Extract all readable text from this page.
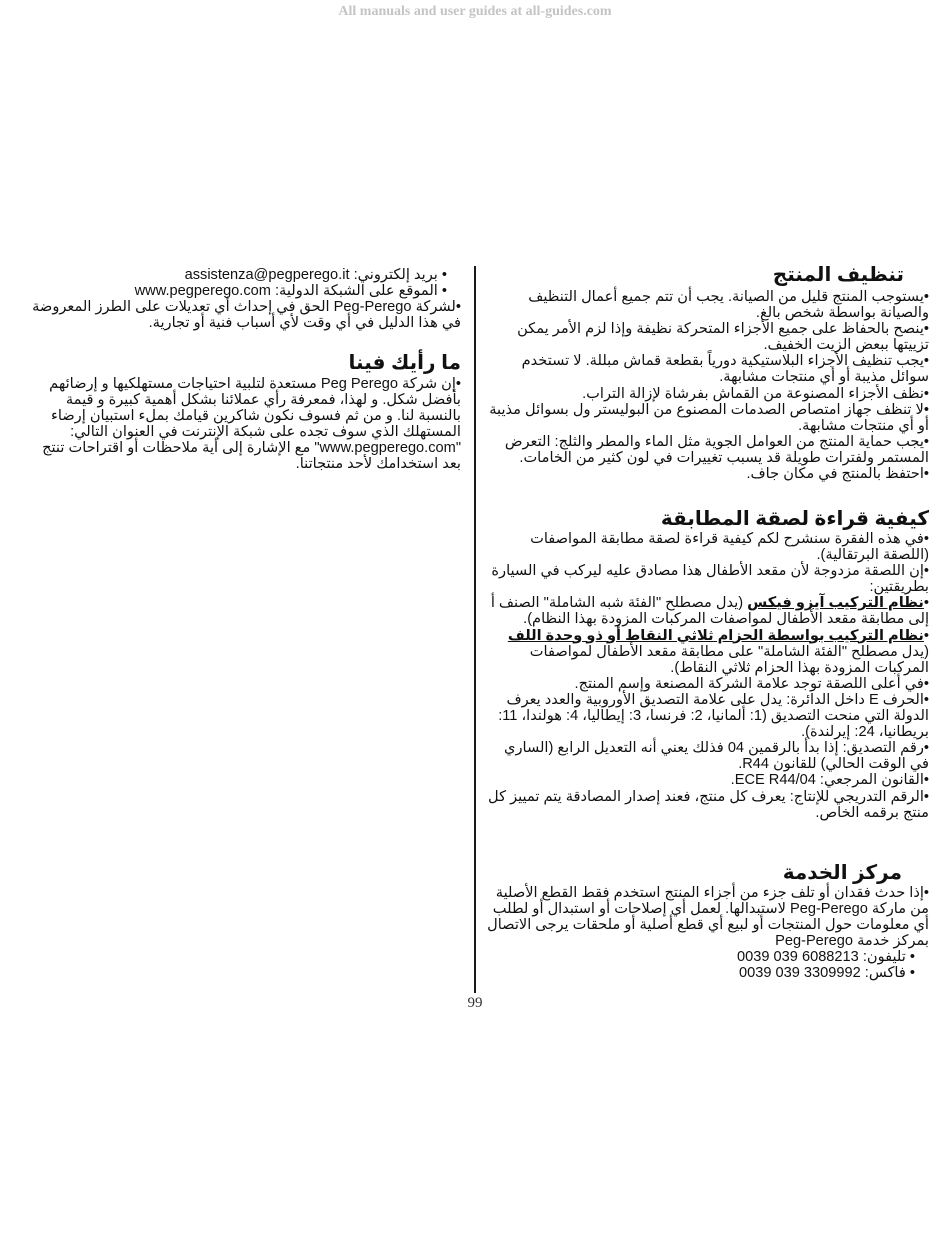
All manuals and user guides at all-guides.com
تنظيف المنتج

•يستوجب المنتج قليل من الصيانة. يجب أن تتم جميع أعمال التنظيف والصيانة بواسطة شخص بالغ.

•ينصح بالحفاظ على جميع الأجزاء المتحركة نظيفة وإذا لزم الأمر يمكن تزييتها ببعض الزيت الخفيف.

•يجب تنظيف الأجزاء البلاستيكية دورياً بقطعة قماش مبللة. لا تستخدم سوائل مذيبة أو أي منتجات مشابهة.

•نظف الأجزاء المصنوعة من القماش بفرشاة لإزالة التراب.

•لا تنظف جهاز امتصاص الصدمات المصنوع من البوليستر ول بسوائل مذيبة أو أي منتجات مشابهة.

•يجب حماية المنتج من العوامل الجوية مثل الماء والمطر والثلج: التعرض المستمر ولفترات طويلة قد يسبب تغييرات في لون كثير من الخامات.

•احتفظ بالمنتج في مكان جاف.

كيفية قراءة لصقة المطابقة

•في هذه الفقرة سنشرح لكم كيفية قراءة لصقة مطابقة المواصفات (اللصقة البرتقالية).

•إن اللصقة مزدوجة لأن مقعد الأطفال هذا مصادق عليه ليركب في السيارة بطريقتين:

•نظام التركيب آيزو فيكس (يدل مصطلح "الفئة شبه الشاملة" الصنف أ إلى مطابقة مقعد الأطفال لمواصفات المركبات المزودة بهذا النظام).

•نظام التركيب بواسطة الحزام ثلاثي النقاط أو ذو وحدة اللف (يدل مصطلح "الفئة الشاملة" على مطابقة مقعد الأطفال لمواصفات المركبات المزودة بهذا الحزام ثلاثي النقاط).

•في أعلى اللصقة توجد علامة الشركة المصنعة وإسم المنتج.

•الحرف E داخل الدائرة: يدل على علامة التصديق الأوروبية والعدد يعرف الدولة التي منحت التصديق (1: ألمانيا، 2: فرنسا، 3: إيطاليا، 4: هولندا، 11: بريطانيا، 24: إيرلندة).

•رقم التصديق: إذا بدأ بالرقمين 04 فذلك يعني أنه التعديل الرابع (الساري في الوقت الحالي) للقانون R44.

•القانون المرجعي: ECE R44/04.

•الرقم التدريجي للإنتاج: يعرف كل منتج، فعند إصدار المصادقة يتم تمييز كل منتج برقمه الخاص.

مركز الخدمة

•إذا حدث فقدان أو تلف جزء من أجزاء المنتج استخدم فقط القطع الأصلية من ماركة Peg-Perego لاستبدالها. لعمل أي إصلاحات أو استبدال أو لطلب أي معلومات حول المنتجات أو لبيع أي قطع أصلية أو ملحقات يرجى الاتصال بمركز خدمة Peg-Perego

• تليفون: 0039 039 6088213

• فاكس: 0039 039 3309992

• بريد إلكتروني: assistenza@pegperego.it

• الموقع على الشبكة الدولية: www.pegperego.com

•لشركة Peg-Perego الحق في إحداث أي تعديلات على الطرز المعروضة في هذا الدليل في أي وقت لأي أسباب فنية أو تجارية.

ما رأيك فينا

•إن شركة Peg Perego مستعدة لتلبية احتياجات مستهلكيها و إرضائهم بأفضل شكل. و لهذا، فمعرفة رأي عملائنا بشكل أهمية كبيرة و قيمة بالنسبة لنا. و من ثم فسوف نكون شاكرين قيامك بملء استبيان إرضاء المستهلك الذي سوف تجده على شبكة الإنترنت في العنوان التالي: "www.pegperego.com" مع الإشارة إلى أية ملاحظات أو اقتراحات تنتج بعد استخدامك لأحد منتجاتنا.

99
